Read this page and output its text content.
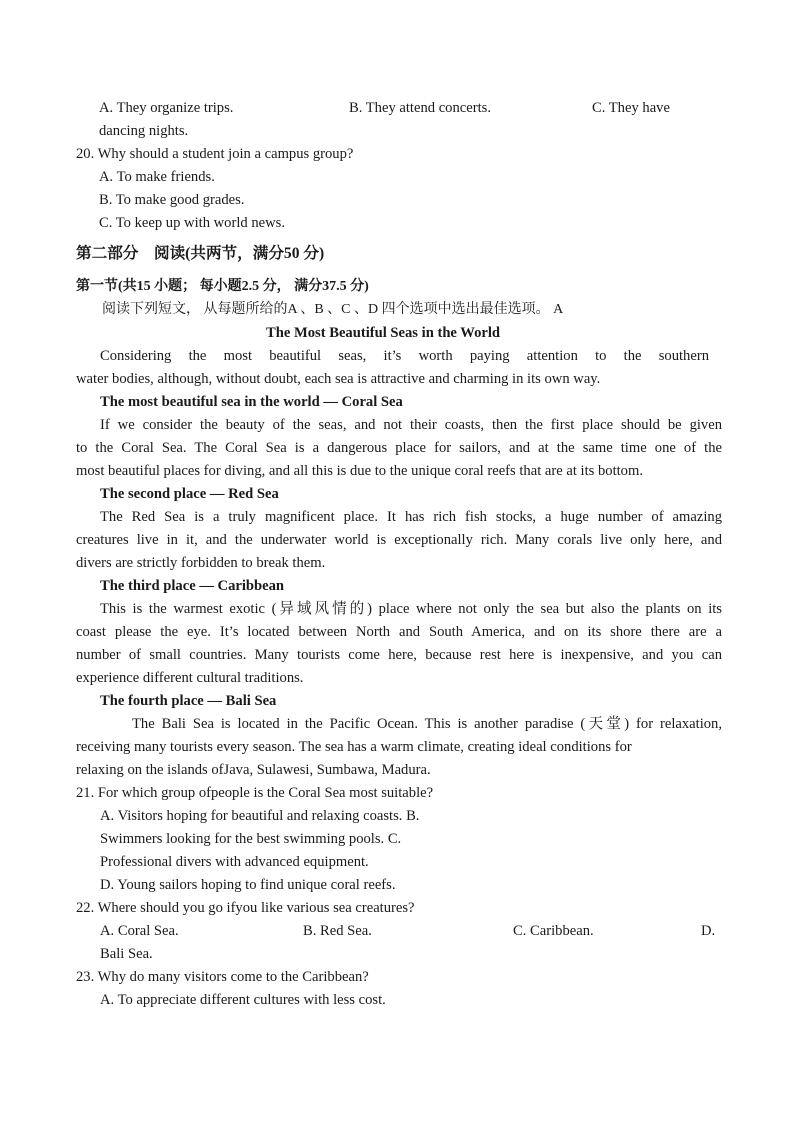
A. They organize trips.	B. They attend concerts.	C. They have
dancing nights.
20. Why should a student join a campus group?
A. To make friends.
B. To make good grades.
C. To keep up with world news.
第二部分　阅读(共两节，满分50 分)
第一节(共15 小题； 每小题2.5 分， 满分37.5 分)
阅读下列短文， 从每题所给的A 、B 、C 、D 四个选项中选出最佳选项。 A
The Most Beautiful Seas in the World
Considering the most beautiful seas, it’s worth paying attention to the southern
water bodies, although, without doubt, each sea is attractive and charming in its own way.
The most beautiful sea in the world — Coral Sea
If we consider the beauty of the seas, and not their coasts, then the first place should be given
to the Coral Sea. The Coral Sea is a dangerous place for sailors, and at the same time one of the
most beautiful places for diving, and all this is due to the unique coral reefs that are at its bottom.
The second place — Red Sea
The Red Sea is a truly magnificent place. It has rich fish stocks, a huge number of amazing
creatures live in it, and the underwater world is exceptionally rich. Many corals live only here, and
divers are strictly forbidden to break them.
The third place — Caribbean
This is the warmest exotic (异域风情的) place where not only the sea but also the plants on its
coast please the eye. It’s located between North and South America, and on its shore there are a
number of small countries. Many tourists come here, because rest here is inexpensive, and you can
experience different cultural traditions.
The fourth place — Bali Sea
The Bali Sea is located in the Pacific Ocean. This is another paradise (天堂) for relaxation,
receiving many tourists every season. The sea has a warm climate, creating ideal conditions for
relaxing on the islands ofJava, Sulawesi, Sumbawa, Madura.
21. For which group ofpeople is the Coral Sea most suitable?
A. Visitors hoping for beautiful and relaxing coasts. B.
Swimmers looking for the best swimming pools. C.
Professional divers with advanced equipment.
D. Young sailors hoping to find unique coral reefs.
22. Where should you go ifyou like various sea creatures?
A. Coral Sea.	B. Red Sea.	C. Caribbean.	D.
Bali Sea.
23. Why do many visitors come to the Caribbean?
A. To appreciate different cultures with less cost.
